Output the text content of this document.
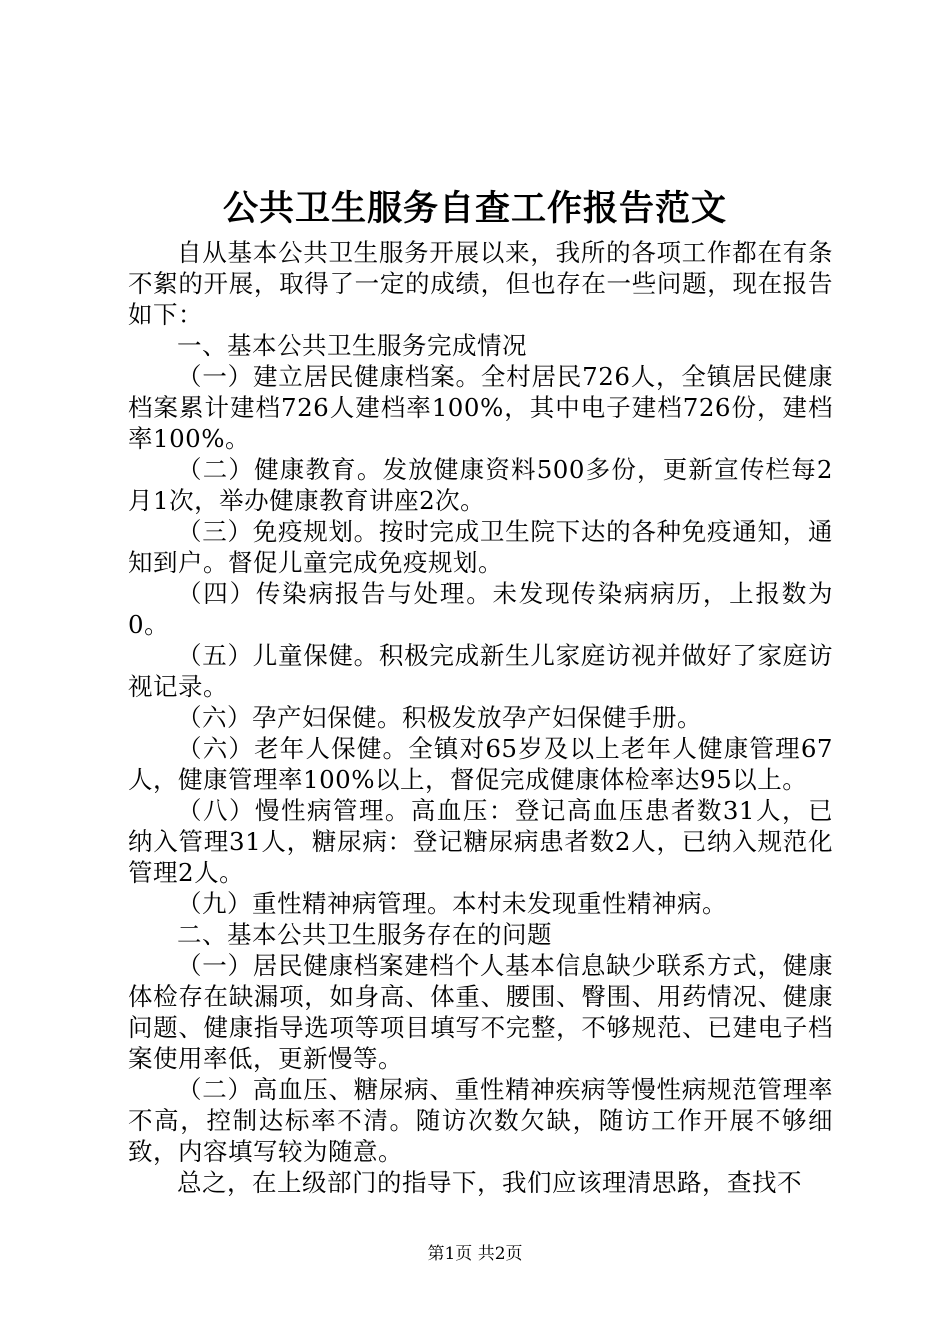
公共卫生服务自查工作报告范文

自从基本公共卫生服务开展以来，我所的各项工作都在有条不絮的开展，取得了一定的成绩，但也存在一些问题，现在报告如下：

一、基本公共卫生服务完成情况

（一）建立居民健康档案。全村居民726人，全镇居民健康档案累计建档726人建档率100%，其中电子建档726份，建档率100%。

（二）健康教育。发放健康资料500多份，更新宣传栏每2月1次，举办健康教育讲座2次。

（三）免疫规划。按时完成卫生院下达的各种免疫通知，通知到户。督促儿童完成免疫规划。

（四）传染病报告与处理。未发现传染病病历，上报数为0。

（五）儿童保健。积极完成新生儿家庭访视并做好了家庭访视记录。

（六）孕产妇保健。积极发放孕产妇保健手册。

（六）老年人保健。全镇对65岁及以上老年人健康管理67人，健康管理率100%以上，督促完成健康体检率达95以上。

（八）慢性病管理。高血压：登记高血压患者数31人，已纳入管理31人，糖尿病：登记糖尿病患者数2人，已纳入规范化管理2人。

（九）重性精神病管理。本村未发现重性精神病。

二、基本公共卫生服务存在的问题

（一）居民健康档案建档个人基本信息缺少联系方式，健康体检存在缺漏项，如身高、体重、腰围、臀围、用药情况、健康问题、健康指导选项等项目填写不完整，不够规范、已建电子档案使用率低，更新慢等。

（二）高血压、糖尿病、重性精神疾病等慢性病规范管理率不高，控制达标率不清。随访次数欠缺，随访工作开展不够细致，内容填写较为随意。

总之，在上级部门的指导下，我们应该理清思路，查找不

第1页 共2页
